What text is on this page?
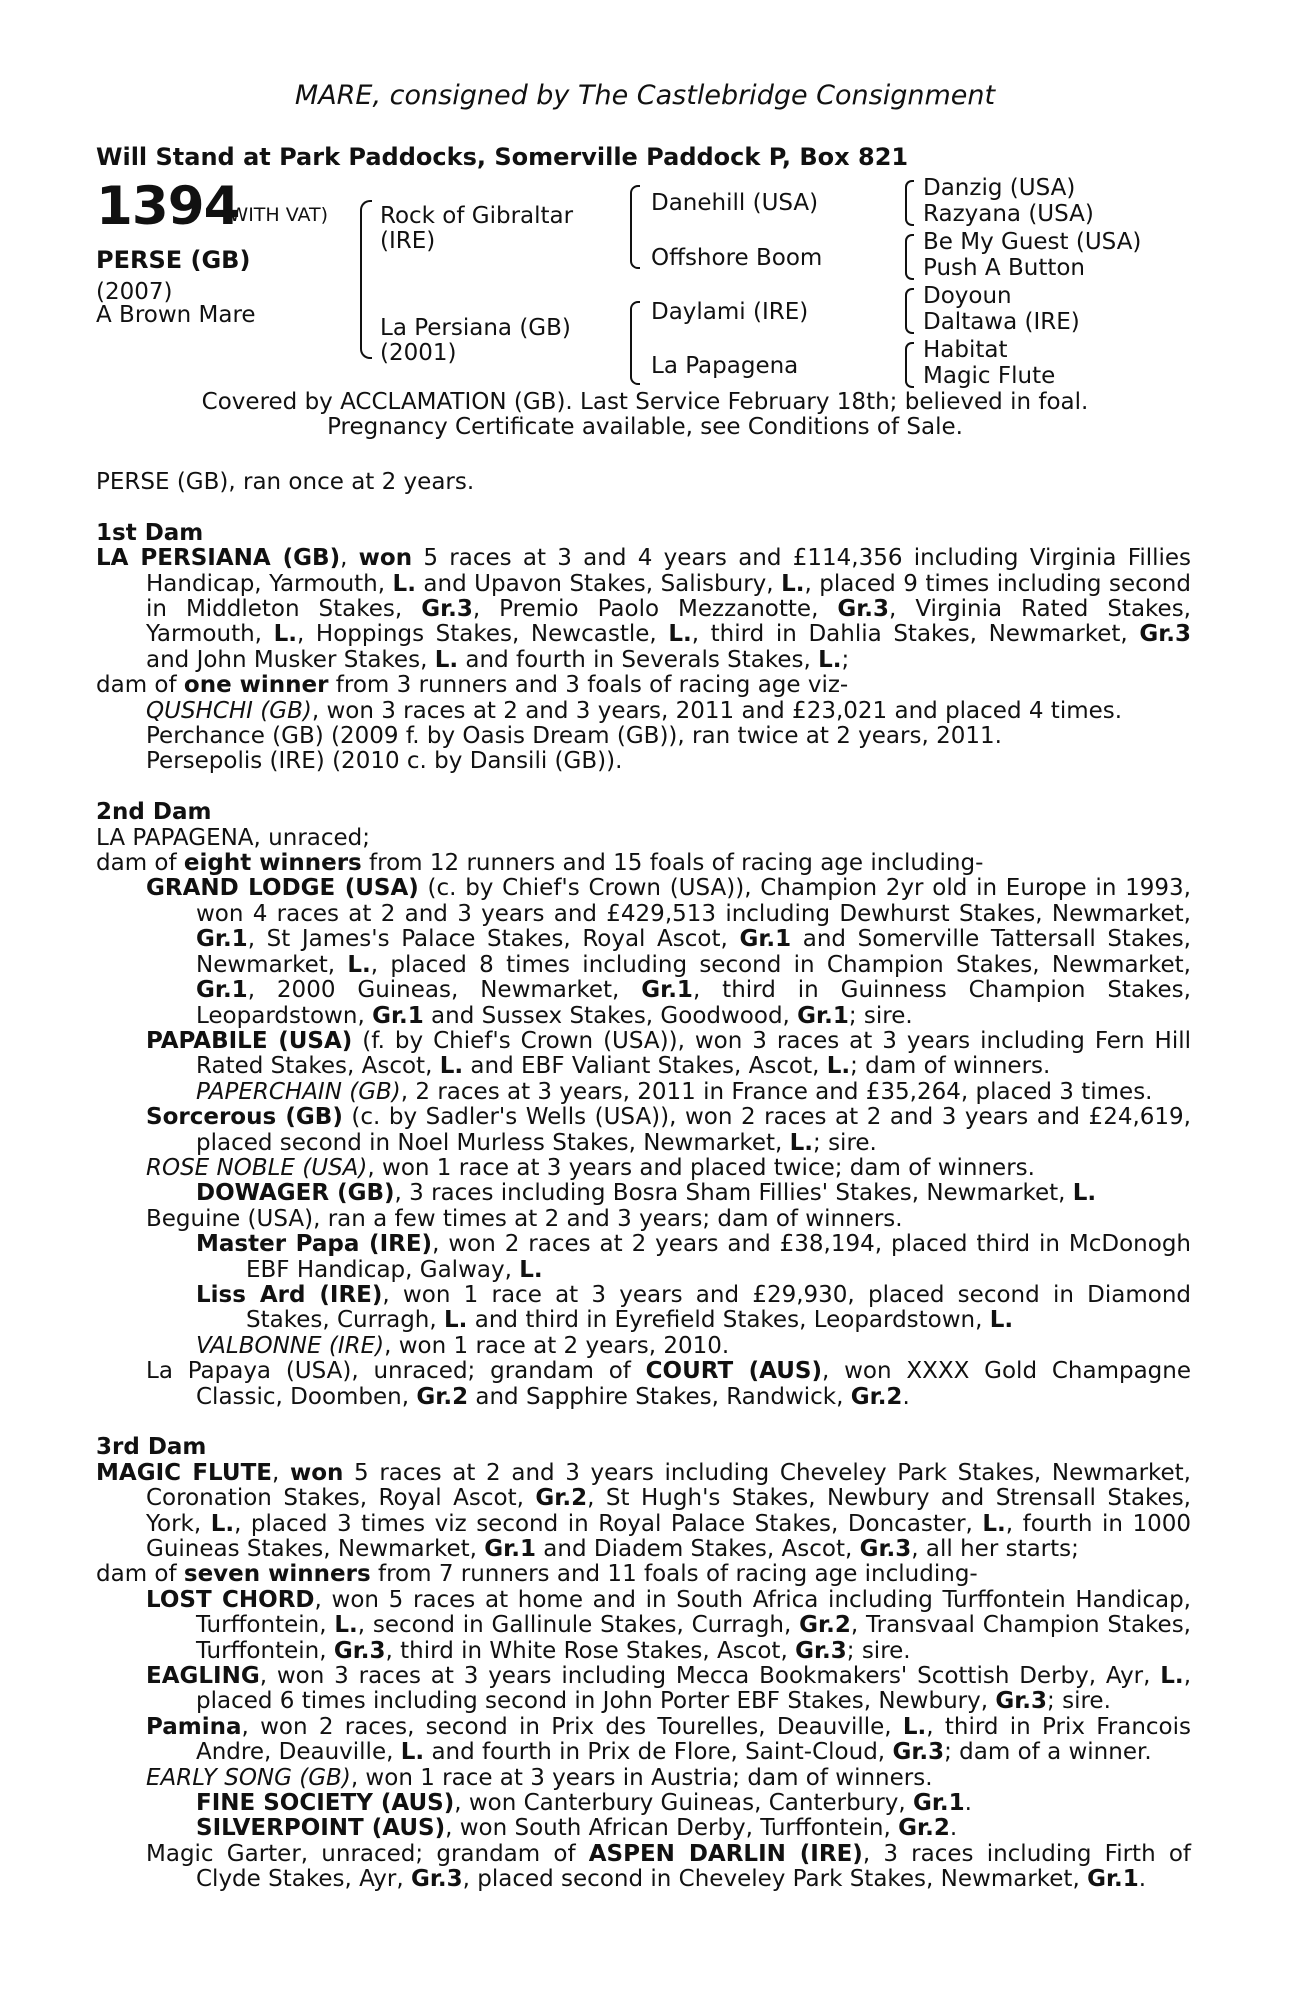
MARE, consigned by The Castlebridge Consignment
Will Stand at Park Paddocks, Somerville Paddock P, Box 821
1394
(WITH VAT)
PERSE (GB)
(2007)
A Brown Mare
Rock of Gibraltar
(IRE)
La Persiana (GB)
(2001)
Danehill (USA)
Offshore Boom
Daylami (IRE)
La Papagena
Danzig (USA)
Razyana (USA)
Be My Guest (USA)
Push A Button
Doyoun
Daltawa (IRE)
Habitat
Magic Flute
Covered by ACCLAMATION (GB). Last Service February 18th; believed in foal.
Pregnancy Certificate available, see Conditions of Sale.

PERSE (GB), ran once at 2 years.

1st Dam

LA PERSIANA (GB), won 5 races at 3 and 4 years and £114,356 including Virginia Fillies Handicap, Yarmouth, L. and Upavon Stakes, Salisbury, L., placed 9 times including second in Middleton Stakes, Gr.3, Premio Paolo Mezzanotte, Gr.3, Virginia Rated Stakes, Yarmouth, L., Hoppings Stakes, Newcastle, L., third in Dahlia Stakes, Newmarket, Gr.3 and John Musker Stakes, L. and fourth in Severals Stakes, L.;

dam of one winner from 3 runners and 3 foals of racing age viz-

QUSHCHI (GB), won 3 races at 2 and 3 years, 2011 and £23,021 and placed 4 times.

Perchance (GB) (2009 f. by Oasis Dream (GB)), ran twice at 2 years, 2011.

Persepolis (IRE) (2010 c. by Dansili (GB)).

2nd Dam

LA PAPAGENA, unraced;

dam of eight winners from 12 runners and 15 foals of racing age including-

GRAND LODGE (USA) (c. by Chief's Crown (USA)), Champion 2yr old in Europe in 1993, won 4 races at 2 and 3 years and £429,513 including Dewhurst Stakes, Newmarket, Gr.1, St James's Palace Stakes, Royal Ascot, Gr.1 and Somerville Tattersall Stakes, Newmarket, L., placed 8 times including second in Champion Stakes, Newmarket, Gr.1, 2000 Guineas, Newmarket, Gr.1, third in Guinness Champion Stakes, Leopardstown, Gr.1 and Sussex Stakes, Goodwood, Gr.1; sire.

PAPABILE (USA) (f. by Chief's Crown (USA)), won 3 races at 3 years including Fern Hill Rated Stakes, Ascot, L. and EBF Valiant Stakes, Ascot, L.; dam of winners.

PAPERCHAIN (GB), 2 races at 3 years, 2011 in France and £35,264, placed 3 times.

Sorcerous (GB) (c. by Sadler's Wells (USA)), won 2 races at 2 and 3 years and £24,619, placed second in Noel Murless Stakes, Newmarket, L.; sire.

ROSE NOBLE (USA), won 1 race at 3 years and placed twice; dam of winners.

DOWAGER (GB), 3 races including Bosra Sham Fillies' Stakes, Newmarket, L.

Beguine (USA), ran a few times at 2 and 3 years; dam of winners.

Master Papa (IRE), won 2 races at 2 years and £38,194, placed third in McDonogh EBF Handicap, Galway, L.

Liss Ard (IRE), won 1 race at 3 years and £29,930, placed second in Diamond Stakes, Curragh, L. and third in Eyrefield Stakes, Leopardstown, L.

VALBONNE (IRE), won 1 race at 2 years, 2010.

La Papaya (USA), unraced; grandam of COURT (AUS), won XXXX Gold Champagne Classic, Doomben, Gr.2 and Sapphire Stakes, Randwick, Gr.2.

3rd Dam

MAGIC FLUTE, won 5 races at 2 and 3 years including Cheveley Park Stakes, Newmarket, Coronation Stakes, Royal Ascot, Gr.2, St Hugh's Stakes, Newbury and Strensall Stakes, York, L., placed 3 times viz second in Royal Palace Stakes, Doncaster, L., fourth in 1000 Guineas Stakes, Newmarket, Gr.1 and Diadem Stakes, Ascot, Gr.3, all her starts;

dam of seven winners from 7 runners and 11 foals of racing age including-

LOST CHORD, won 5 races at home and in South Africa including Turffontein Handicap, Turffontein, L., second in Gallinule Stakes, Curragh, Gr.2, Transvaal Champion Stakes, Turffontein, Gr.3, third in White Rose Stakes, Ascot, Gr.3; sire.

EAGLING, won 3 races at 3 years including Mecca Bookmakers' Scottish Derby, Ayr, L., placed 6 times including second in John Porter EBF Stakes, Newbury, Gr.3; sire.

Pamina, won 2 races, second in Prix des Tourelles, Deauville, L., third in Prix Francois Andre, Deauville, L. and fourth in Prix de Flore, Saint-Cloud, Gr.3; dam of a winner.

EARLY SONG (GB), won 1 race at 3 years in Austria; dam of winners.

FINE SOCIETY (AUS), won Canterbury Guineas, Canterbury, Gr.1.

SILVERPOINT (AUS), won South African Derby, Turffontein, Gr.2.

Magic Garter, unraced; grandam of ASPEN DARLIN (IRE), 3 races including Firth of Clyde Stakes, Ayr, Gr.3, placed second in Cheveley Park Stakes, Newmarket, Gr.1.
